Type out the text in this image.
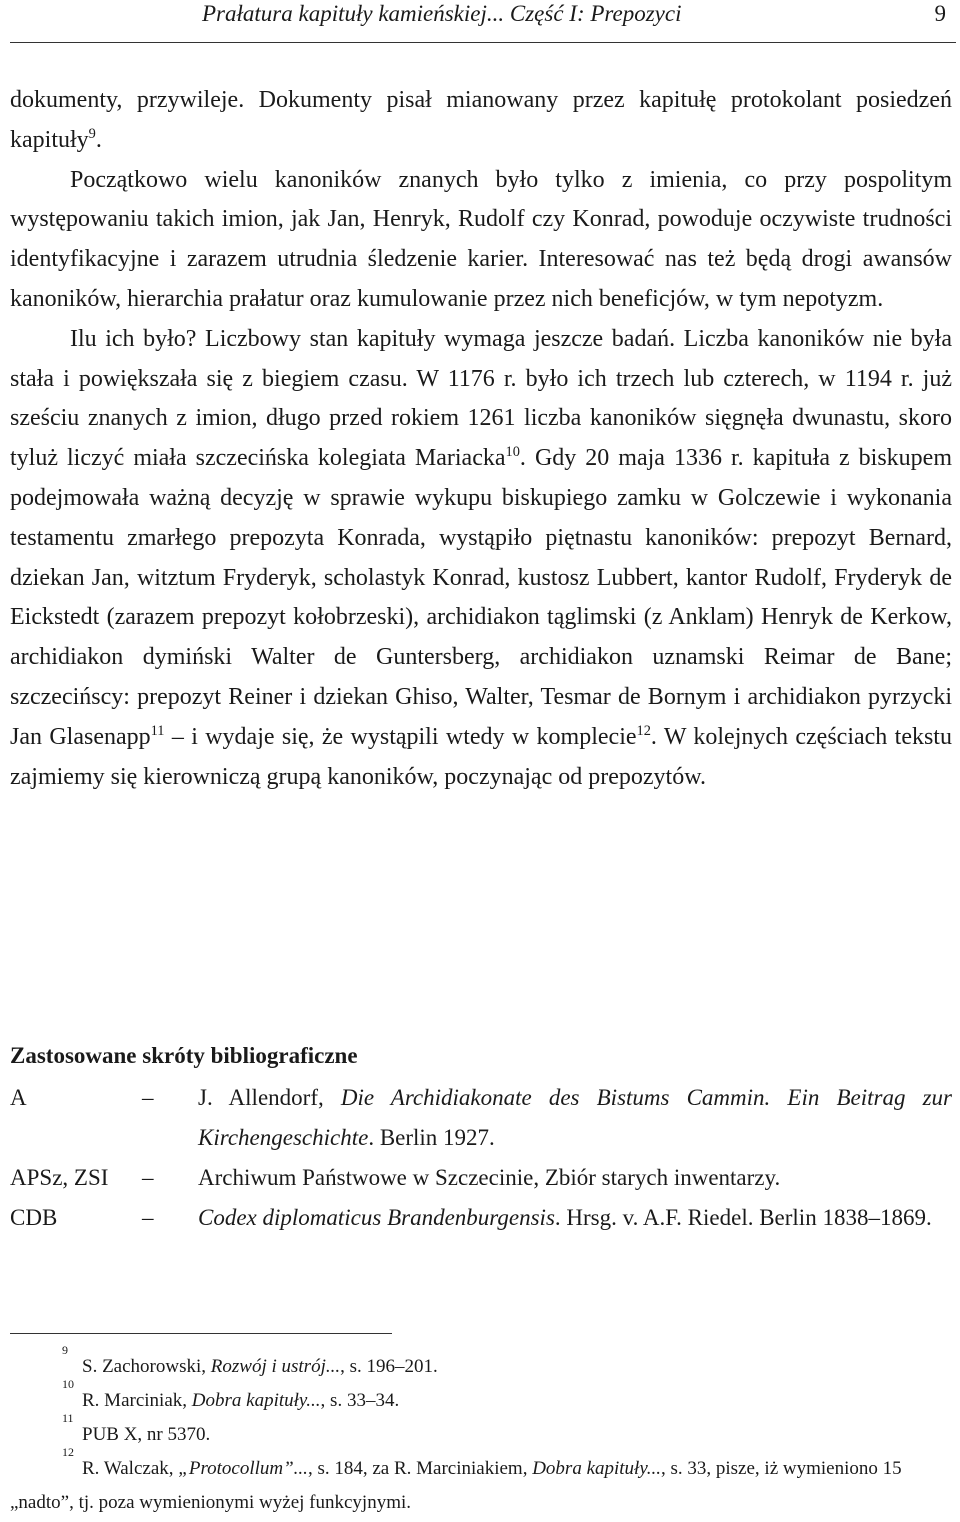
Prałatura kapituły kamieńskiej... Część I: Prepozyci	9

dokumenty, przywileje. Dokumenty pisał mianowany przez kapitułę protokolant posiedzeń kapituły$^9$.

Początkowo wielu kanoników znanych było tylko z imienia, co przy pospolitym występowaniu takich imion, jak Jan, Henryk, Rudolf czy Konrad, powoduje oczywiste trudności identyfikacyjne i zarazem utrudnia śledzenie karier. Interesować nas też będą drogi awansów kanoników, hierarchia prałatur oraz kumulowanie przez nich beneficjów, w tym nepotyzm.

Ilu ich było? Liczbowy stan kapituły wymaga jeszcze badań. Liczba kanoników nie była stała i powiększała się z biegiem czasu. W 1176 r. było ich trzech lub czterech, w 1194 r. już sześciu znanych z imion, długo przed rokiem 1261 liczba kanoników sięgnęła dwunastu, skoro tyluż liczyć miała szczecińska kolegiata Mariacka$^{10}$. Gdy 20 maja 1336 r. kapituła z biskupem podejmowała ważną decyzję w sprawie wykupu biskupiego zamku w Golczewie i wykonania testamentu zmarłego prepozyta Konrada, wystąpiło piętnastu kanoników: prepozyt Bernard, dziekan Jan, witztum Fryderyk, scholastyk Konrad, kustosz Lubbert, kantor Rudolf, Fryderyk de Eickstedt (zarazem prepozyt kołobrzeski), archidiakon tąglimski (z Anklam) Henryk de Kerkow, archidiakon dymiński Walter de Guntersberg, archidiakon uznamski Reimar de Bane; szczecińscy: prepozyt Reiner i dziekan Ghiso, Walter, Tesmar de Bornym i archidiakon pyrzycki Jan Glasenapp$^{11}$ – i wydaje się, że wystąpili wtedy w komplecie$^{12}$. W kolejnych częściach tekstu zajmiemy się kierowniczą grupą kanoników, poczynając od prepozytów.

Zastosowane skróty bibliograficzne
A	– J. Allendorf, Die Archidiakonate des Bistums Cammin. Ein Beitrag zur Kirchengeschichte. Berlin 1927.
APSz, ZSI – Archiwum Państwowe w Szczecinie, Zbiór starych inwentarzy.
CDB	– Codex diplomaticus Brandenburgensis. Hrsg. v. A.F. Riedel. Berlin 1838–1869.
9
S. Zachorowski, Rozwój i ustrój..., s. 196–201.
10
R. Marciniak, Dobra kapituły..., s. 33–34.
11
PUB X, nr 5370.
12
R. Walczak, „Protocollum”..., s. 184, za R. Marciniakiem, Dobra kapituły..., s. 33, pisze, iż wymieniono 15 „nadto”, tj. poza wymienionymi wyżej funkcyjnymi.
